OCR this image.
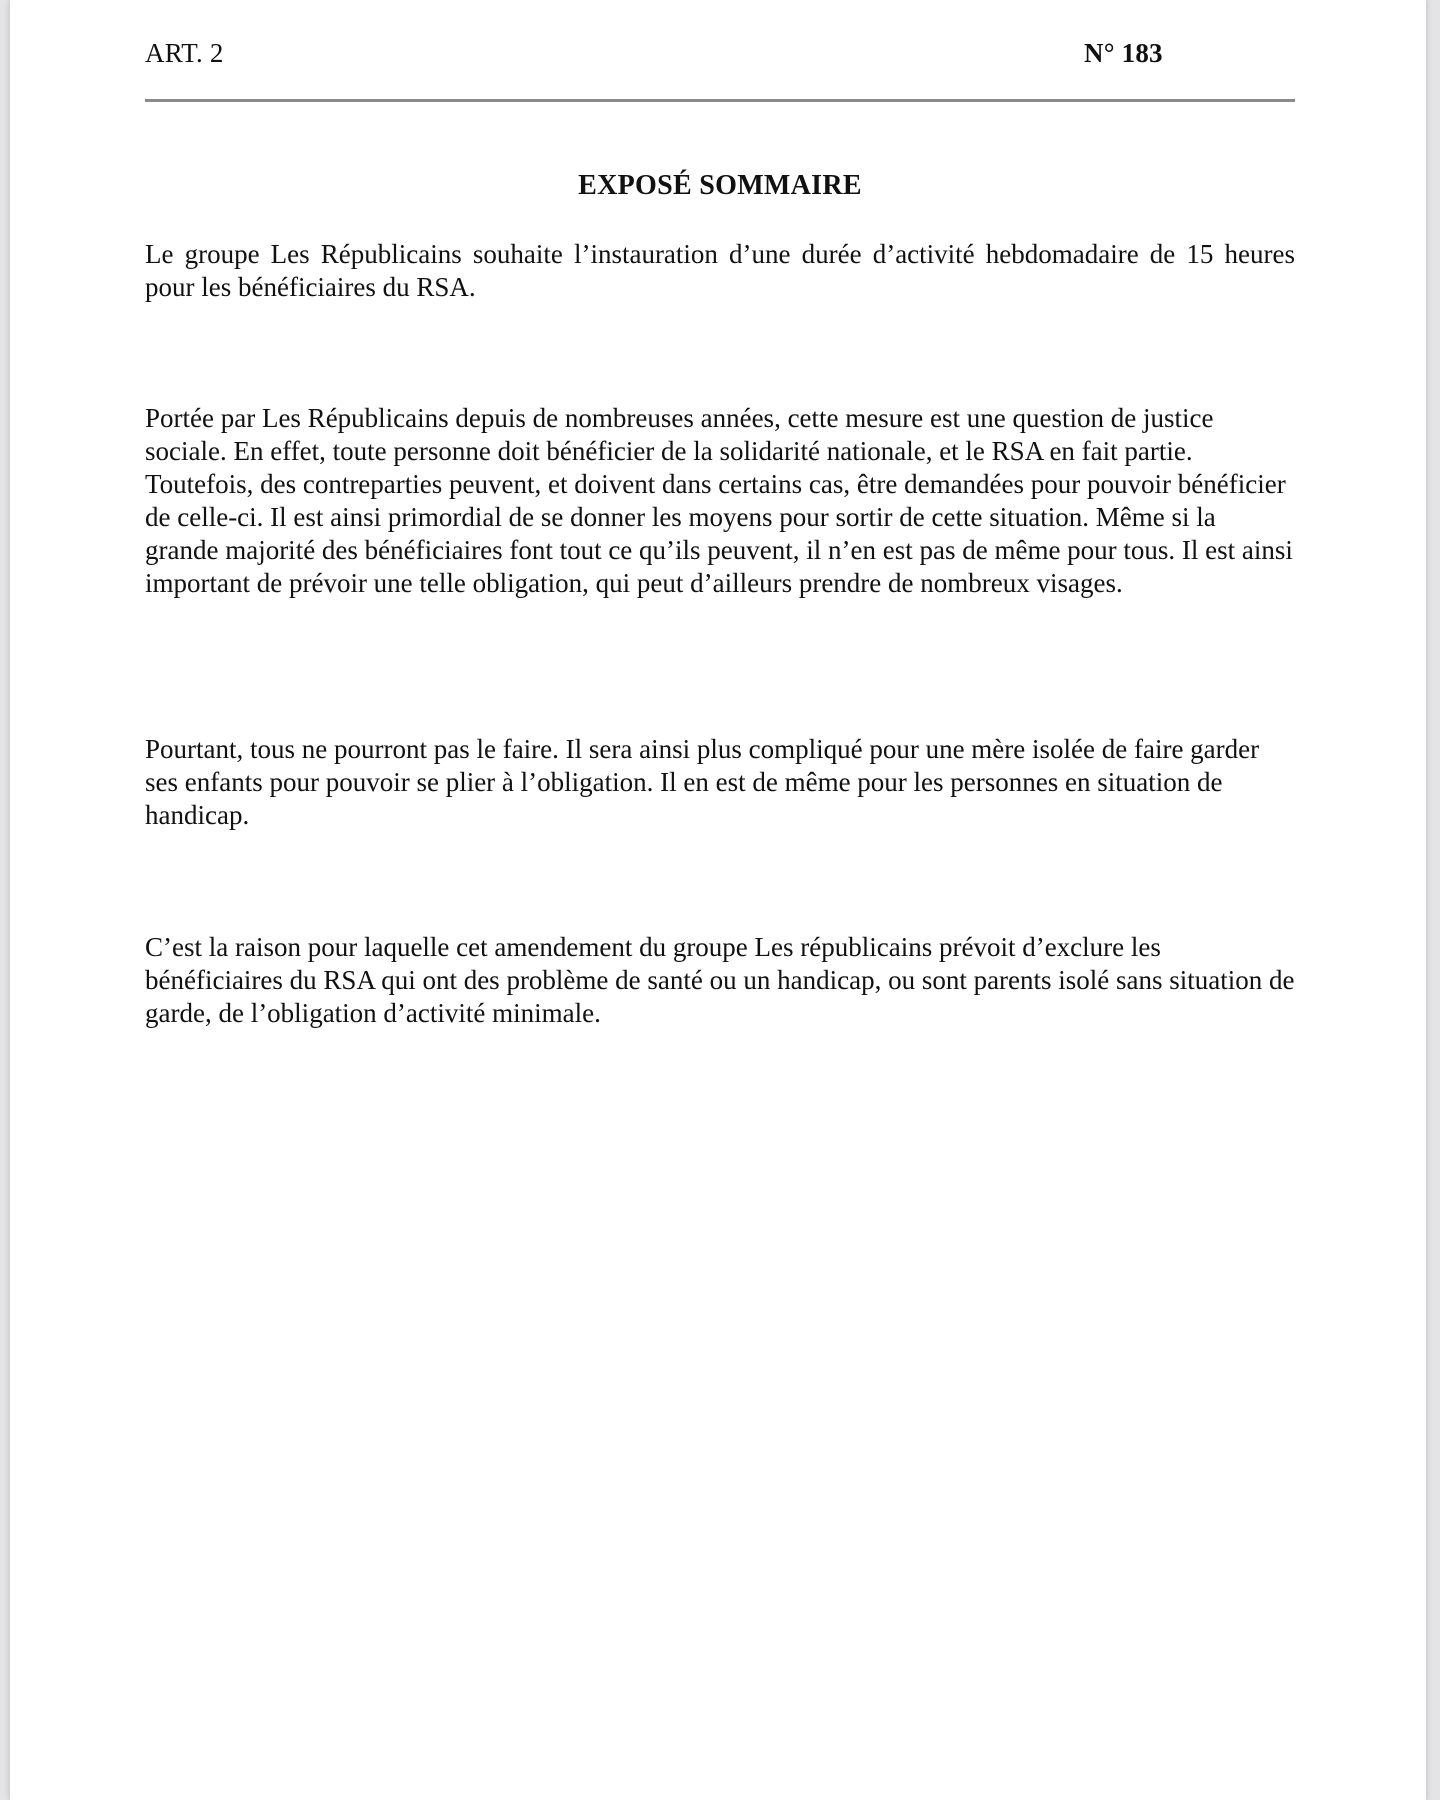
ART. 2	N° 183
EXPOSÉ SOMMAIRE

Le groupe Les Républicains souhaite l’instauration d’une durée d’activité hebdomadaire de 15 heures pour les bénéficiaires du RSA.

Portée par Les Républicains depuis de nombreuses années, cette mesure est une question de justice sociale. En effet, toute personne doit bénéficier de la solidarité nationale, et le RSA en fait partie. Toutefois, des contreparties peuvent, et doivent dans certains cas, être demandées pour pouvoir bénéficier de celle-ci. Il est ainsi primordial de se donner les moyens pour sortir de cette situation. Même si la grande majorité des bénéficiaires font tout ce qu’ils peuvent, il n’en est pas de même pour tous. Il est ainsi important de prévoir une telle obligation, qui peut d’ailleurs prendre de nombreux visages.

Pourtant, tous ne pourront pas le faire. Il sera ainsi plus compliqué pour une mère isolée de faire garder ses enfants pour pouvoir se plier à l’obligation. Il en est de même pour les personnes en situation de handicap.

C’est la raison pour laquelle cet amendement du groupe Les républicains prévoit d’exclure les bénéficiaires du RSA qui ont des problème de santé ou un handicap, ou sont parents isolé sans situation de garde, de l’obligation d’activité minimale.
